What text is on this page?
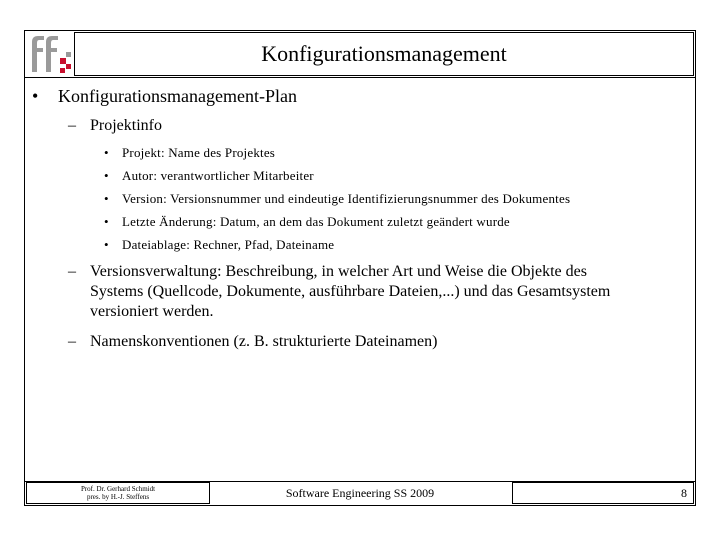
Konfigurationsmanagement
• Konfigurationsmanagement-Plan
– Projektinfo
• Projekt: Name des Projektes
• Autor: verantwortlicher Mitarbeiter
• Version: Versionsnummer und eindeutige Identifizierungsnummer des Dokumentes
• Letzte Änderung: Datum, an dem das Dokument zuletzt geändert wurde
• Dateiablage: Rechner, Pfad, Dateiname
– Versionsverwaltung: Beschreibung, in welcher Art und Weise die Objekte des
Systems (Quellcode, Dokumente, ausführbare Dateien,...) und das Gesamtsystem
versioniert werden.
– Namenskonventionen (z. B. strukturierte Dateinamen)
Prof. Dr. Gerhard Schmidt
pres. by H.-J. Steffens	Software Engineering SS 2009	8
